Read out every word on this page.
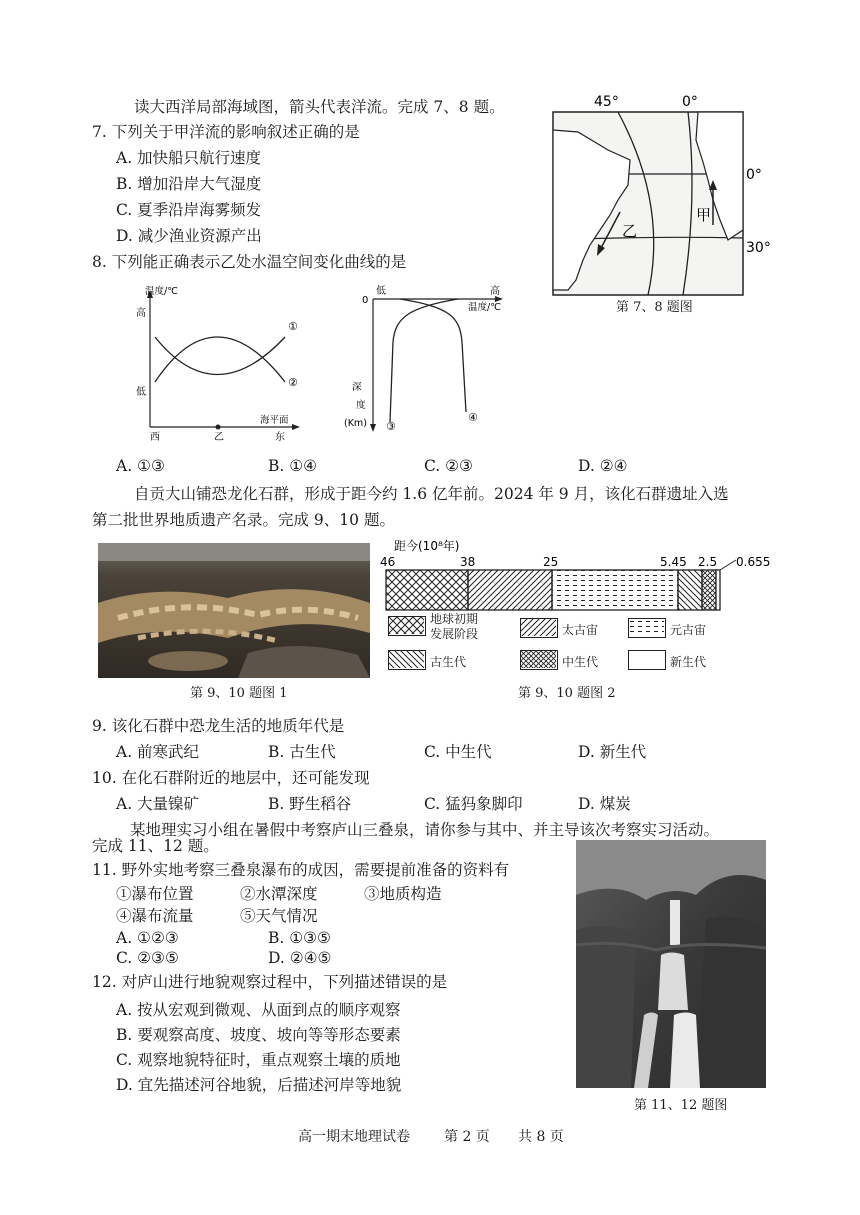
读大西洋局部海域图，箭头代表洋流。完成 7、8 题。
7. 下列关于甲洋流的影响叙述正确的是
A. 加快船只航行速度
B. 增加沿岸大气湿度
C. 夏季沿岸海雾频发
D. 减少渔业资源产出
8. 下列能正确表示乙处水温空间变化曲线的是
45°	0°
0°
30°
甲
乙
第 7、8 题图
温度/℃
高
低
海平面
西	乙	东
①
②
0
低	高
温度/℃
深
度
(Km) ③
④
A. ①③	B. ①④	C. ②③	D. ②④
自贡大山铺恐龙化石群，形成于距今约 1.6 亿年前。2024 年 9 月，该化石群遗址入选
第二批世界地质遗产名录。完成 9、10 题。
第 9、10 题图 1
距今(10⁸年)
46	38	25	5.45 2.5 0.655
地球初期
发展阶段	太古宙	元古宙
古生代	中生代	新生代
第 9、10 题图 2
9. 该化石群中恐龙生活的地质年代是
A. 前寒武纪	B. 古生代	C. 中生代	D. 新生代
10. 在化石群附近的地层中，还可能发现
A. 大量镍矿	B. 野生稻谷	C. 猛犸象脚印	D. 煤炭
某地理实习小组在暑假中考察庐山三叠泉，请你参与其中、并主导该次考察实习活动。
完成 11、12 题。
11. 野外实地考察三叠泉瀑布的成因，需要提前准备的资料有
①瀑布位置	②水潭深度	③地质构造
④瀑布流量	⑤天气情况
A. ①②③	B. ①③⑤
C. ②③⑤	D. ②④⑤
12. 对庐山进行地貌观察过程中，下列描述错误的是
A. 按从宏观到微观、从面到点的顺序观察
B. 要观察高度、坡度、坡向等等形态要素
C. 观察地貌特征时，重点观察土壤的质地
D. 宜先描述河谷地貌，后描述河岸等地貌
第 11、12 题图
高一期末地理试卷 第 2 页 共 8 页
